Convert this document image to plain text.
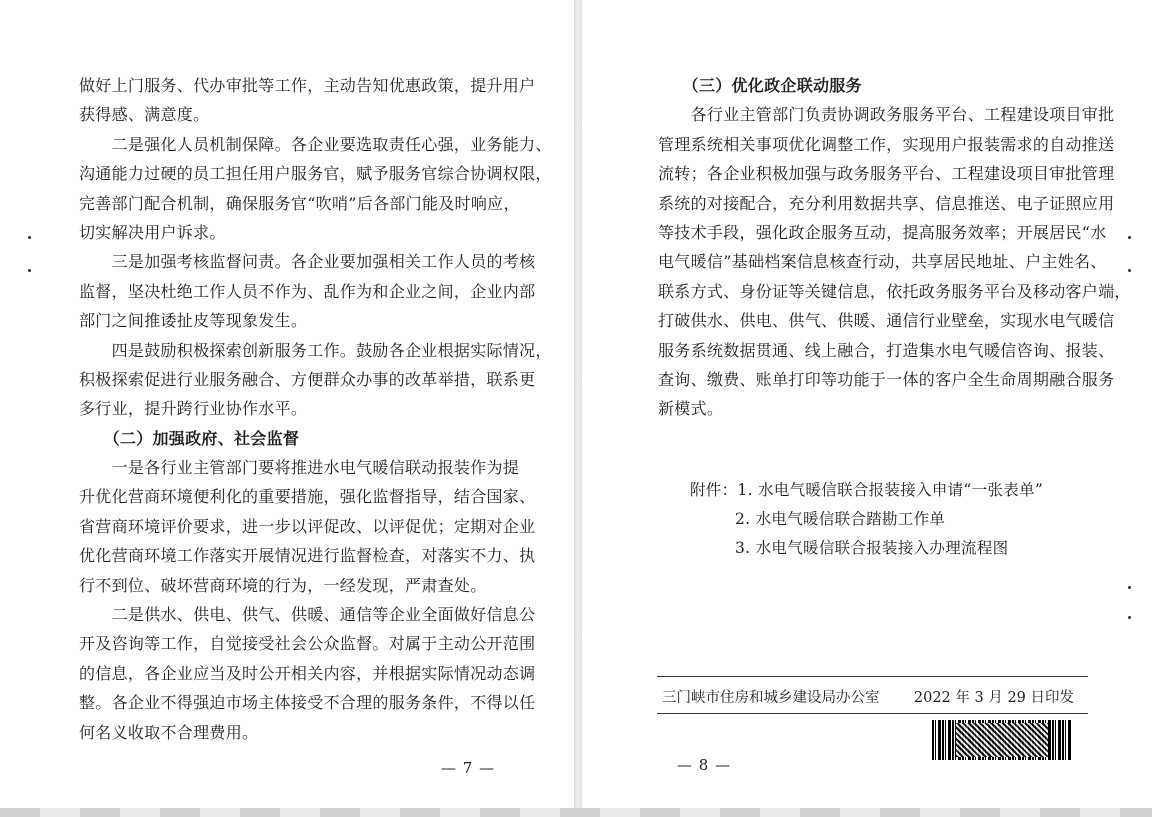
做好上门服务、代办审批等工作，主动告知优惠政策，提升用户
获得感、满意度。
　　二是强化人员机制保障。各企业要选取责任心强，业务能力、
沟通能力过硬的员工担任用户服务官，赋予服务官综合协调权限，
完善部门配合机制，确保服务官“吹哨”后各部门能及时响应，
切实解决用户诉求。
　　三是加强考核监督问责。各企业要加强相关工作人员的考核
监督，坚决杜绝工作人员不作为、乱作为和企业之间，企业内部
部门之间推诿扯皮等现象发生。
　　四是鼓励积极探索创新服务工作。鼓励各企业根据实际情况，
积极探索促进行业服务融合、方便群众办事的改革举措，联系更
多行业，提升跨行业协作水平。
　　（二）加强政府、社会监督
　　一是各行业主管部门要将推进水电气暖信联动报装作为提
升优化营商环境便利化的重要措施，强化监督指导，结合国家、
省营商环境评价要求，进一步以评促改、以评促优；定期对企业
优化营商环境工作落实开展情况进行监督检查，对落实不力、执
行不到位、破坏营商环境的行为，一经发现，严肃查处。
　　二是供水、供电、供气、供暖、通信等企业全面做好信息公
开及咨询等工作，自觉接受社会公众监督。对属于主动公开范围
的信息，各企业应当及时公开相关内容，并根据实际情况动态调
整。各企业不得强迫市场主体接受不合理的服务条件，不得以任
何名义收取不合理费用。
　　（三）优化政企联动服务
　　各行业主管部门负责协调政务服务平台、工程建设项目审批
管理系统相关事项优化调整工作，实现用户报装需求的自动推送
流转；各企业积极加强与政务服务平台、工程建设项目审批管理
系统的对接配合，充分利用数据共享、信息推送、电子证照应用
等技术手段，强化政企服务互动，提高服务效率；开展居民“水
电气暖信”基础档案信息核查行动，共享居民地址、户主姓名、
联系方式、身份证等关键信息，依托政务服务平台及移动客户端，
打破供水、供电、供气、供暖、通信行业壁垒，实现水电气暖信
服务系统数据贯通、线上融合，打造集水电气暖信咨询、报装、
查询、缴费、账单打印等功能于一体的客户全生命周期融合服务
新模式。
附件：1. 水电气暖信联合报装接入申请“一张表单”
2. 水电气暖信联合踏勘工作单
3. 水电气暖信联合报装接入办理流程图
三门峡市住房和城乡建设局办公室 2022 年 3 月 29 日印发
— 7 —	— 8 —
